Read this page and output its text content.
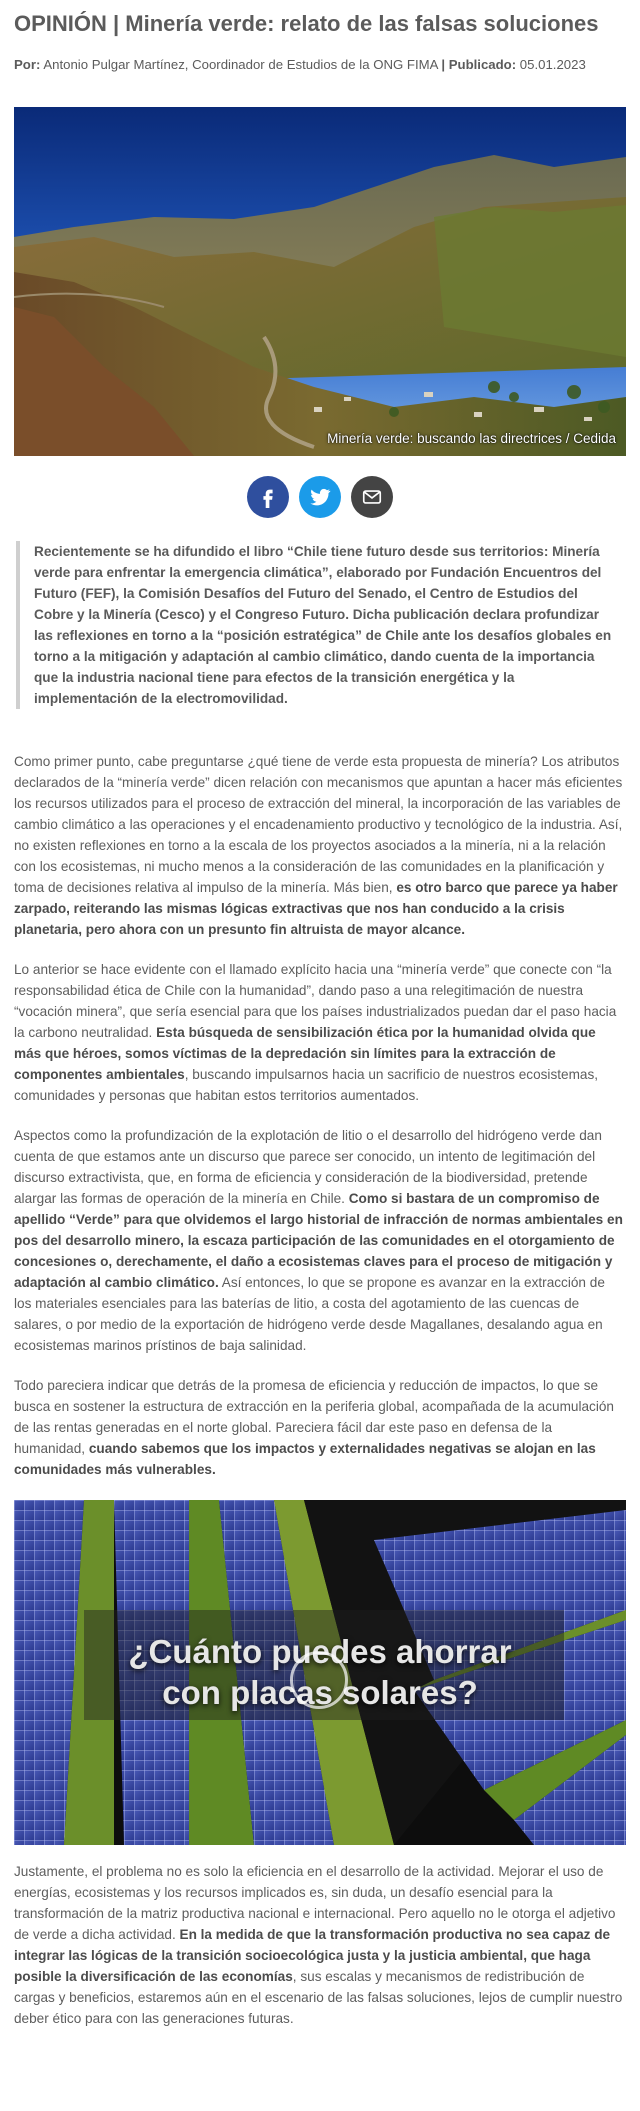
OPINIÓN | Minería verde: relato de las falsas soluciones
Por: Antonio Pulgar Martínez, Coordinador de Estudios de la ONG FIMA | Publicado: 05.01.2023
Minería verde: buscando las directrices / Cedida
Recientemente se ha difundido el libro “Chile tiene futuro desde sus territorios: Minería verde para enfrentar la emergencia climática”, elaborado por Fundación Encuentros del Futuro (FEF), la Comisión Desafíos del Futuro del Senado, el Centro de Estudios del Cobre y la Minería (Cesco) y el Congreso Futuro. Dicha publicación declara profundizar las reflexiones en torno a la “posición estratégica” de Chile ante los desafíos globales en torno a la mitigación y adaptación al cambio climático, dando cuenta de la importancia que la industria nacional tiene para efectos de la transición energética y la implementación de la electromovilidad.

Como primer punto, cabe preguntarse ¿qué tiene de verde esta propuesta de minería? Los atributos declarados de la “minería verde” dicen relación con mecanismos que apuntan a hacer más eficientes los recursos utilizados para el proceso de extracción del mineral, la incorporación de las variables de cambio climático a las operaciones y el encadenamiento productivo y tecnológico de la industria. Así, no existen reflexiones en torno a la escala de los proyectos asociados a la minería, ni a la relación con los ecosistemas, ni mucho menos a la consideración de las comunidades en la planificación y toma de decisiones relativa al impulso de la minería. Más bien, es otro barco que parece ya haber zarpado, reiterando las mismas lógicas extractivas que nos han conducido a la crisis planetaria, pero ahora con un presunto fin altruista de mayor alcance.

Lo anterior se hace evidente con el llamado explícito hacia una “minería verde” que conecte con “la responsabilidad ética de Chile con la humanidad”, dando paso a una relegitimación de nuestra “vocación minera”, que sería esencial para que los países industrializados puedan dar el paso hacia la carbono neutralidad. Esta búsqueda de sensibilización ética por la humanidad olvida que más que héroes, somos víctimas de la depredación sin límites para la extracción de componentes ambientales, buscando impulsarnos hacia un sacrificio de nuestros ecosistemas, comunidades y personas que habitan estos territorios aumentados.

Aspectos como la profundización de la explotación de litio o el desarrollo del hidrógeno verde dan cuenta de que estamos ante un discurso que parece ser conocido, un intento de legitimación del discurso extractivista, que, en forma de eficiencia y consideración de la biodiversidad, pretende alargar las formas de operación de la minería en Chile. Como si bastara de un compromiso de apellido “Verde” para que olvidemos el largo historial de infracción de normas ambientales en pos del desarrollo minero, la escaza participación de las comunidades en el otorgamiento de concesiones o, derechamente, el daño a ecosistemas claves para el proceso de mitigación y adaptación al cambio climático. Así entonces, lo que se propone es avanzar en la extracción de los materiales esenciales para las baterías de litio, a costa del agotamiento de las cuencas de salares, o por medio de la exportación de hidrógeno verde desde Magallanes, desalando agua en ecosistemas marinos prístinos de baja salinidad.

Todo pareciera indicar que detrás de la promesa de eficiencia y reducción de impactos, lo que se busca en sostener la estructura de extracción en la periferia global, acompañada de la acumulación de las rentas generadas en el norte global. Pareciera fácil dar este paso en defensa de la humanidad, cuando sabemos que los impactos y externalidades negativas se alojan en las comunidades más vulnerables.

¿Cuánto puedes ahorrar
con placas solares?

Justamente, el problema no es solo la eficiencia en el desarrollo de la actividad. Mejorar el uso de energías, ecosistemas y los recursos implicados es, sin duda, un desafío esencial para la transformación de la matriz productiva nacional e internacional. Pero aquello no le otorga el adjetivo de verde a dicha actividad. En la medida de que la transformación productiva no sea capaz de integrar las lógicas de la transición socioecológica justa y la justicia ambiental, que haga posible la diversificación de las economías, sus escalas y mecanismos de redistribución de cargas y beneficios, estaremos aún en el escenario de las falsas soluciones, lejos de cumplir nuestro deber ético para con las generaciones futuras.
